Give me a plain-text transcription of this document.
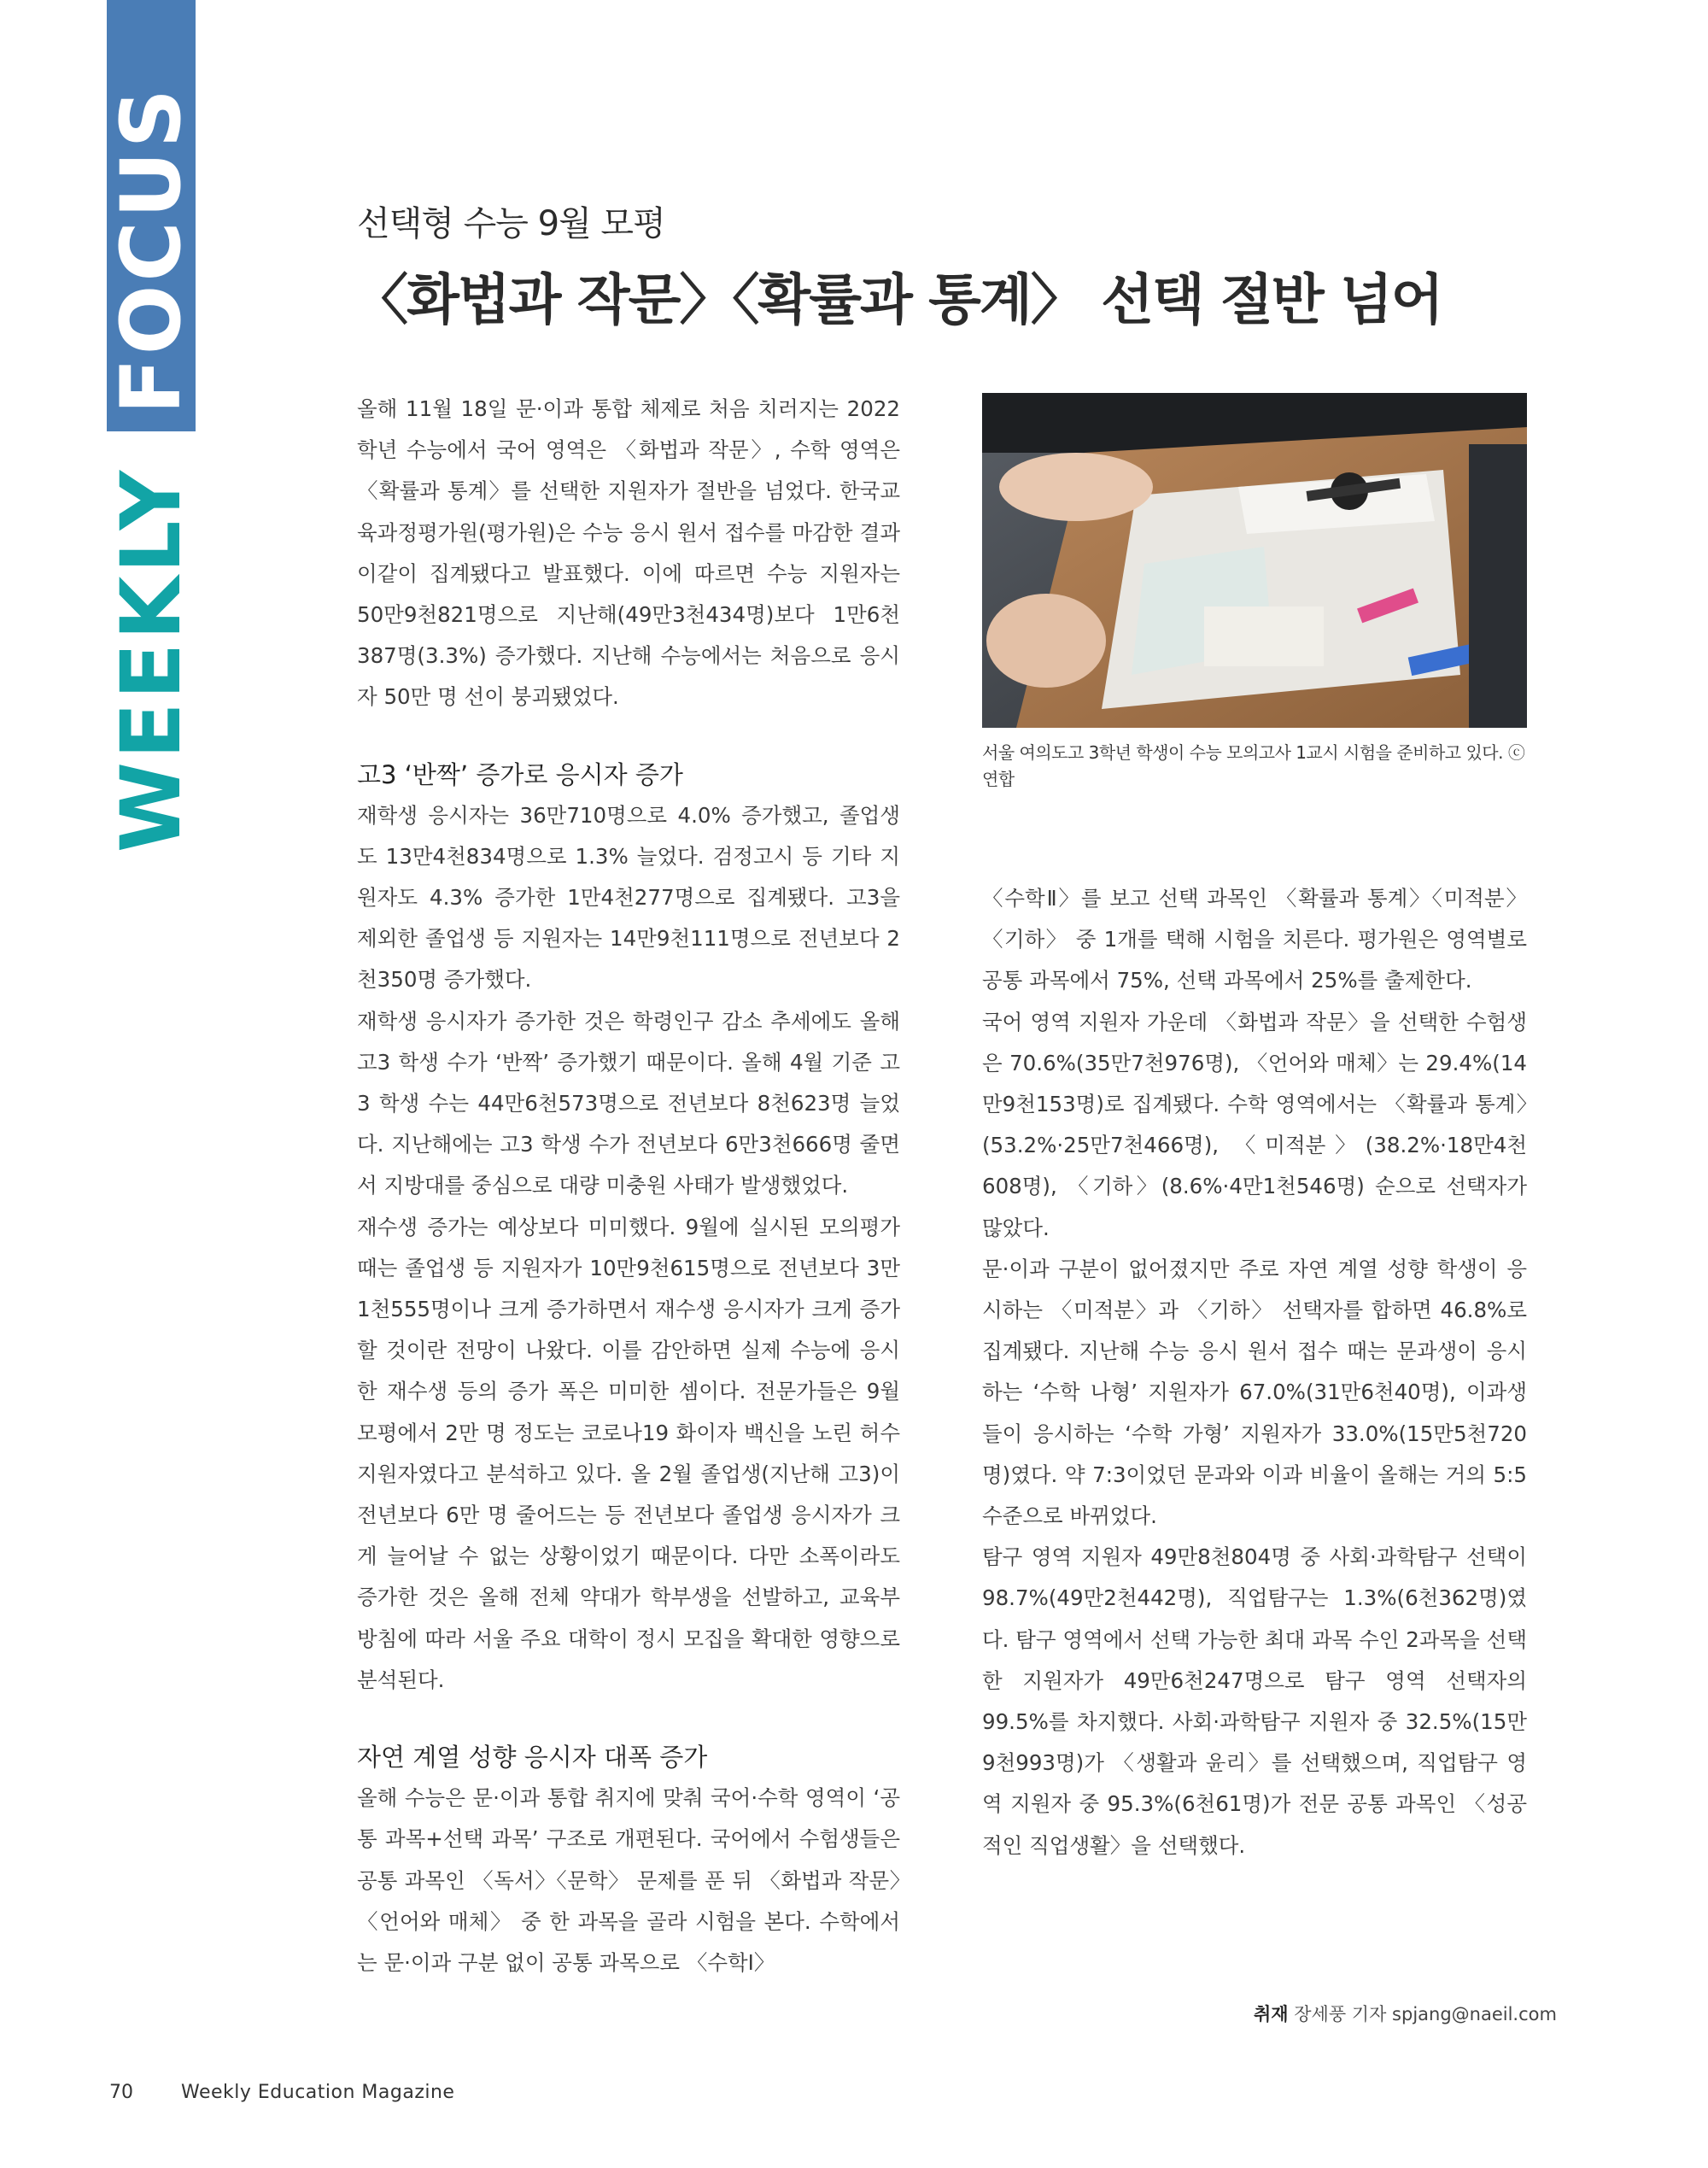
WEEKLY
FOCUS	선택형 수능 9월 모평
〈화법과 작문〉〈확률과 통계〉 선택 절반 넘어

올해 11월 18일 문·이과 통합 체제로 처음 치러지는 2022학년 수능에서 국어 영역은 〈화법과 작문〉, 수학 영역은 〈확률과 통계〉를 선택한 지원자가 절반을 넘었다. 한국교육과정평가원(평가원)은 수능 응시 원서 접수를 마감한 결과 이같이 집계됐다고 발표했다. 이에 따르면 수능 지원자는 50만9천821명으로 지난해(49만3천434명)보다 1만6천387명(3.3%) 증가했다. 지난해 수능에서는 처음으로 응시자 50만 명 선이 붕괴됐었다.

고3 ‘반짝’ 증가로 응시자 증가

재학생 응시자는 36만710명으로 4.0% 증가했고, 졸업생도 13만4천834명으로 1.3% 늘었다. 검정고시 등 기타 지원자도 4.3% 증가한 1만4천277명으로 집계됐다. 고3을 제외한 졸업생 등 지원자는 14만9천111명으로 전년보다 2천350명 증가했다.

재학생 응시자가 증가한 것은 학령인구 감소 추세에도 올해 고3 학생 수가 ‘반짝’ 증가했기 때문이다. 올해 4월 기준 고3 학생 수는 44만6천573명으로 전년보다 8천623명 늘었다. 지난해에는 고3 학생 수가 전년보다 6만3천666명 줄면서 지방대를 중심으로 대량 미충원 사태가 발생했었다.

재수생 증가는 예상보다 미미했다. 9월에 실시된 모의평가 때는 졸업생 등 지원자가 10만9천615명으로 전년보다 3만1천555명이나 크게 증가하면서 재수생 응시자가 크게 증가할 것이란 전망이 나왔다. 이를 감안하면 실제 수능에 응시한 재수생 등의 증가 폭은 미미한 셈이다. 전문가들은 9월 모평에서 2만 명 정도는 코로나19 화이자 백신을 노린 허수 지원자였다고 분석하고 있다. 올 2월 졸업생(지난해 고3)이 전년보다 6만 명 줄어드는 등 전년보다 졸업생 응시자가 크게 늘어날 수 없는 상황이었기 때문이다. 다만 소폭이라도 증가한 것은 올해 전체 약대가 학부생을 선발하고, 교육부 방침에 따라 서울 주요 대학이 정시 모집을 확대한 영향으로 분석된다.

자연 계열 성향 응시자 대폭 증가

올해 수능은 문·이과 통합 취지에 맞춰 국어·수학 영역이 ‘공통 과목+선택 과목’ 구조로 개편된다. 국어에서 수험생들은 공통 과목인 〈독서〉〈문학〉 문제를 푼 뒤 〈화법과 작문〉〈언어와 매체〉 중 한 과목을 골라 시험을 본다. 수학에서는 문·이과 구분 없이 공통 과목으로 〈수학Ⅰ〉

서울 여의도고 3학년 학생이 수능 모의고사 1교시 시험을 준비하고 있다. ⓒ 연합

〈수학Ⅱ〉를 보고 선택 과목인 〈확률과 통계〉〈미적분〉〈기하〉 중 1개를 택해 시험을 치른다. 평가원은 영역별로 공통 과목에서 75%, 선택 과목에서 25%를 출제한다.

국어 영역 지원자 가운데 〈화법과 작문〉을 선택한 수험생은 70.6%(35만7천976명), 〈언어와 매체〉는 29.4%(14만9천153명)로 집계됐다. 수학 영역에서는 〈확률과 통계〉(53.2%·25만7천466명), 〈미적분〉(38.2%·18만4천608명), 〈기하〉(8.6%·4만1천546명) 순으로 선택자가 많았다.

문·이과 구분이 없어졌지만 주로 자연 계열 성향 학생이 응시하는 〈미적분〉과 〈기하〉 선택자를 합하면 46.8%로 집계됐다. 지난해 수능 응시 원서 접수 때는 문과생이 응시하는 ‘수학 나형’ 지원자가 67.0%(31만6천40명), 이과생들이 응시하는 ‘수학 가형’ 지원자가 33.0%(15만5천720명)였다. 약 7:3이었던 문과와 이과 비율이 올해는 거의 5:5 수준으로 바뀌었다.

탐구 영역 지원자 49만8천804명 중 사회·과학탐구 선택이 98.7%(49만2천442명), 직업탐구는 1.3%(6천362명)였다. 탐구 영역에서 선택 가능한 최대 과목 수인 2과목을 선택한 지원자가 49만6천247명으로 탐구 영역 선택자의 99.5%를 차지했다. 사회·과학탐구 지원자 중 32.5%(15만9천993명)가 〈생활과 윤리〉를 선택했으며, 직업탐구 영역 지원자 중 95.3%(6천61명)가 전문 공통 과목인 〈성공적인 직업생활〉을 선택했다.

취재 장세풍 기자 spjang@naeil.com
70	Weekly Education Magazine
